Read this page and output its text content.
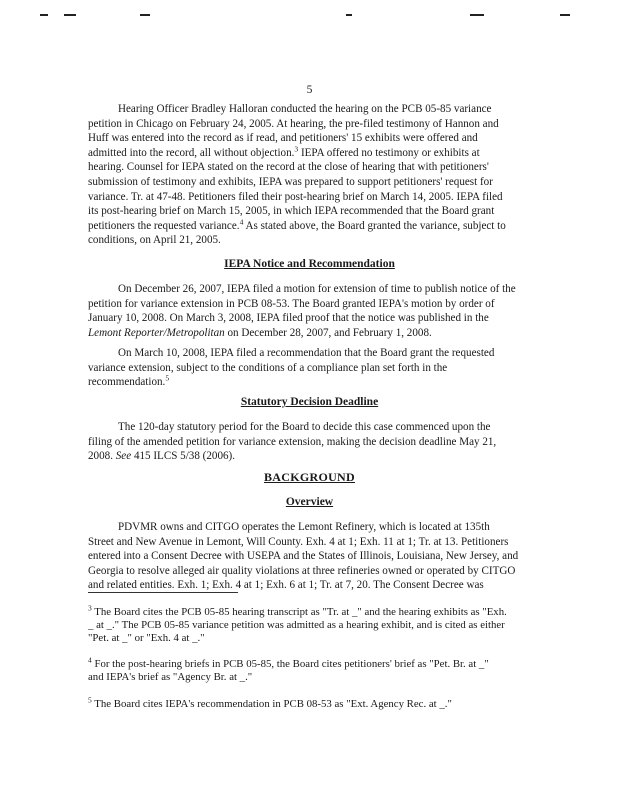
5

Hearing Officer Bradley Halloran conducted the hearing on the PCB 05-85 variance
petition in Chicago on February 24, 2005. At hearing, the pre-filed testimony of Hannon and
Huff was entered into the record as if read, and petitioners' 15 exhibits were offered and
admitted into the record, all without objection.$^3$ IEPA offered no testimony or exhibits at
hearing. Counsel for IEPA stated on the record at the close of hearing that with petitioners'
submission of testimony and exhibits, IEPA was prepared to support petitioners' request for
variance. Tr. at 47-48. Petitioners filed their post-hearing brief on March 14, 2005. IEPA filed
its post-hearing brief on March 15, 2005, in which IEPA recommended that the Board grant
petitioners the requested variance.$^4$ As stated above, the Board granted the variance, subject to
conditions, on April 21, 2005.

IEPA Notice and Recommendation

On December 26, 2007, IEPA filed a motion for extension of time to publish notice of the
petition for variance extension in PCB 08-53. The Board granted IEPA's motion by order of
January 10, 2008. On March 3, 2008, IEPA filed proof that the notice was published in the
Lemont Reporter/Metropolitan on December 28, 2007, and February 1, 2008.

On March 10, 2008, IEPA filed a recommendation that the Board grant the requested
variance extension, subject to the conditions of a compliance plan set forth in the
recommendation.$^5$

Statutory Decision Deadline

The 120-day statutory period for the Board to decide this case commenced upon the
filing of the amended petition for variance extension, making the decision deadline May 21,
2008. See 415 ILCS 5/38 (2006).

BACKGROUND
Overview

PDVMR owns and CITGO operates the Lemont Refinery, which is located at 135th
Street and New Avenue in Lemont, Will County. Exh. 4 at 1; Exh. 11 at 1; Tr. at 13. Petitioners
entered into a Consent Decree with USEPA and the States of Illinois, Louisiana, New Jersey, and
Georgia to resolve alleged air quality violations at three refineries owned or operated by CITGO
and related entities. Exh. 1; Exh. 4 at 1; Exh. 6 at 1; Tr. at 7, 20. The Consent Decree was

$^3$ The Board cites the PCB 05-85 hearing transcript as "Tr. at _" and the hearing exhibits as "Exh.
_ at _." The PCB 05-85 variance petition was admitted as a hearing exhibit, and is cited as either
"Pet. at _" or "Exh. 4 at _."

$^4$ For the post-hearing briefs in PCB 05-85, the Board cites petitioners' brief as "Pet. Br. at _"
and IEPA's brief as "Agency Br. at _."

$^5$ The Board cites IEPA's recommendation in PCB 08-53 as "Ext. Agency Rec. at _."
